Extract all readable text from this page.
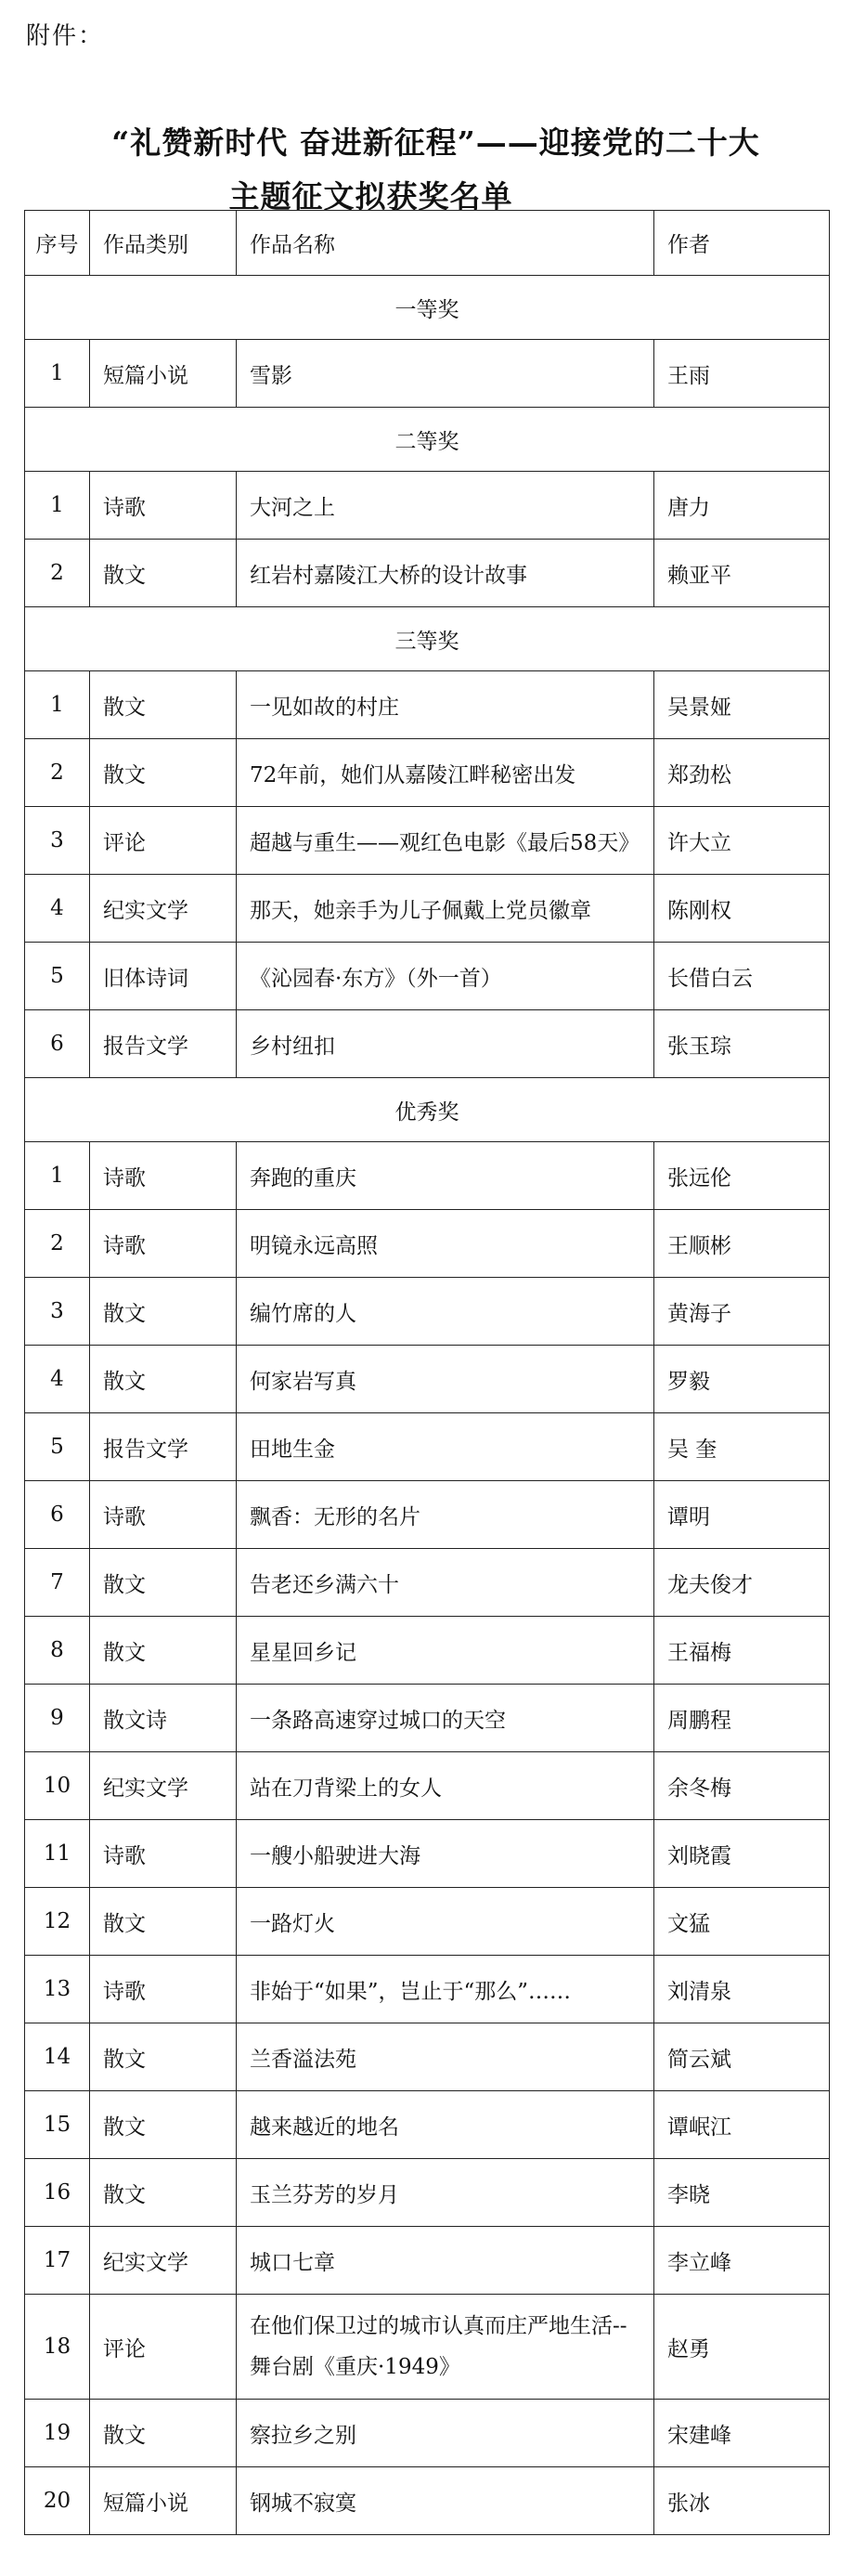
附件：
“礼赞新时代 奋进新征程”——迎接党的二十大
主题征文拟获奖名单
序号	作品类别	作品名称	作者
一等奖			
1	短篇小说	雪影	王雨
二等奖			
1	诗歌	大河之上	唐力
2	散文	红岩村嘉陵江大桥的设计故事	赖亚平
三等奖			
1	散文	一见如故的村庄	吴景娅
2	散文	72年前，她们从嘉陵江畔秘密出发	郑劲松
3	评论	超越与重生——观红色电影《最后58天》	许大立
4	纪实文学	那天，她亲手为儿子佩戴上党员徽章	陈刚权
5	旧体诗词	《沁园春·东方》（外一首）	长借白云
6	报告文学	乡村纽扣	张玉琮
优秀奖			
1	诗歌	奔跑的重庆	张远伦
2	诗歌	明镜永远高照	王顺彬
3	散文	编竹席的人	黄海子
4	散文	何家岩写真	罗毅
5	报告文学	田地生金	吴 奎
6	诗歌	飘香：无形的名片	谭明
7	散文	告老还乡满六十	龙夫俊才
8	散文	星星回乡记	王福梅
9	散文诗	一条路高速穿过城口的天空	周鹏程
10	纪实文学	站在刀背梁上的女人	余冬梅
11	诗歌	一艘小船驶进大海	刘晓霞
12	散文	一路灯火	文猛
13	诗歌	非始于“如果”，岂止于“那么”……	刘清泉
14	散文	兰香溢法苑	简云斌
15	散文	越来越近的地名	谭岷江
16	散文	玉兰芬芳的岁月	李晓
17	纪实文学	城口七章	李立峰
18	评论	在他们保卫过的城市认真而庄严地生活--舞台剧《重庆·1949》	赵勇
19	散文	察拉乡之别	宋建峰
20	短篇小说	钢城不寂寞	张冰
